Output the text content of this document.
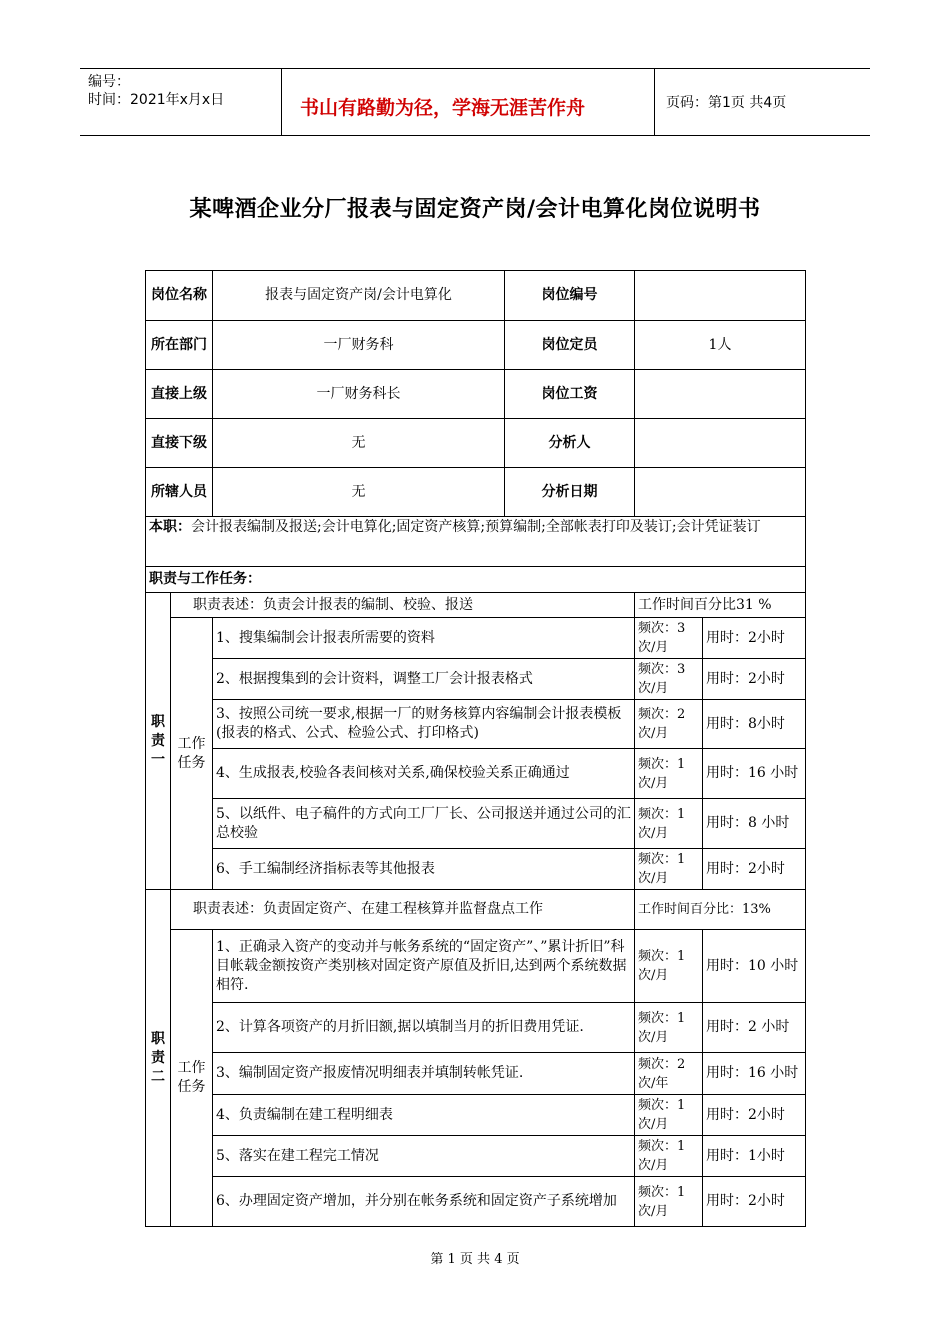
编号：
时间：2021年x月x日	书山有路勤为径，学海无涯苦作舟	页码：第1页 共4页
某啤酒企业分厂报表与固定资产岗/会计电算化岗位说明书
岗位名称		报表与固定资产岗/会计电算化	岗位编号		
所在部门		一厂财务科	岗位定员	1人	
直接上级		一厂财务科长	岗位工资		
直接下级		无	分析人		
所辖人员		无	分析日期		
本职：会计报表编制及报送;会计电算化;固定资产核算;预算编制;全部帐表打印及装订;会计凭证装订					
职责与工作任务：					
职责一	职责表述：负责会计报表的编制、校验、报送			工作时间百分比31 %	
	工作任务	1、搜集编制会计报表所需要的资料		频次：3次/月	用时：2小时
		2、根据搜集到的会计资料，调整工厂会计报表格式		频次：3次/月	用时：2小时
		3、按照公司统一要求,根据一厂的财务核算内容编制会计报表模板(报表的格式、公式、检验公式、打印格式)		频次：2次/月	用时：8小时
		4、生成报表,校验各表间核对关系,确保校验关系正确通过		频次：1次/月	用时：16 小时
		5、以纸件、电子稿件的方式向工厂厂长、公司报送并通过公司的汇总校验		频次：1次/月	用时：8 小时
		6、手工编制经济指标表等其他报表		频次：1次/月	用时：2小时
职责二	职责表述：负责固定资产、在建工程核算并监督盘点工作			工作时间百分比：13%	
	工作任务	1、正确录入资产的变动并与帐务系统的“固定资产”、”累计折旧”科目帐载金额按资产类别核对固定资产原值及折旧,达到两个系统数据相符.		频次：1次/月	用时：10 小时
		2、计算各项资产的月折旧额,据以填制当月的折旧费用凭证.		频次：1次/月	用时：2 小时
		3、编制固定资产报废情况明细表并填制转帐凭证.		频次：2次/年	用时：16 小时
		4、负责编制在建工程明细表		频次：1次/月	用时：2小时
		5、落实在建工程完工情况		频次：1次/月	用时：1小时
		6、办理固定资产增加，并分别在帐务系统和固定资产子系统增加		频次：1次/月	用时：2小时
第 1 页 共 4 页
